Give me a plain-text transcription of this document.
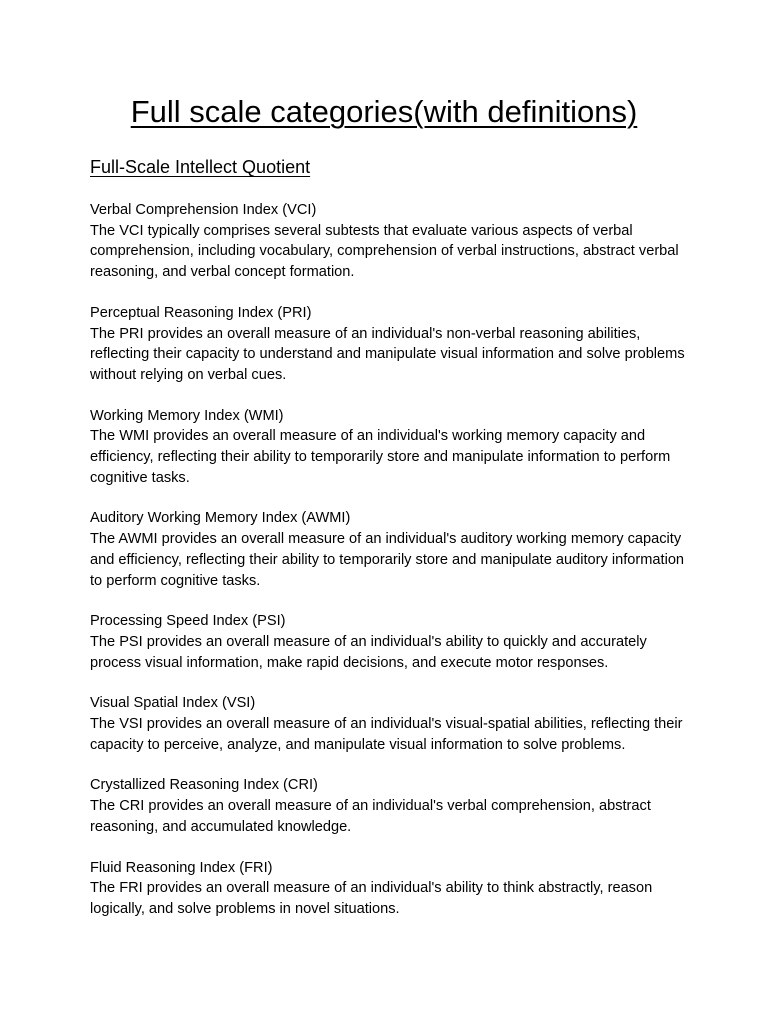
Full scale categories(with definitions)
Full-Scale Intellect Quotient
Verbal Comprehension Index (VCI)
The VCI typically comprises several subtests that evaluate various aspects of verbal comprehension, including vocabulary, comprehension of verbal instructions, abstract verbal reasoning, and verbal concept formation.
Perceptual Reasoning Index (PRI)
The PRI provides an overall measure of an individual's non-verbal reasoning abilities, reflecting their capacity to understand and manipulate visual information and solve problems without relying on verbal cues.
Working Memory Index (WMI)
The WMI provides an overall measure of an individual's working memory capacity and efficiency, reflecting their ability to temporarily store and manipulate information to perform cognitive tasks.
Auditory Working Memory Index (AWMI)
The AWMI provides an overall measure of an individual's auditory working memory capacity and efficiency, reflecting their ability to temporarily store and manipulate auditory information to perform cognitive tasks.
Processing Speed Index (PSI)
The PSI provides an overall measure of an individual's ability to quickly and accurately process visual information, make rapid decisions, and execute motor responses.
Visual Spatial Index (VSI)
The VSI provides an overall measure of an individual's visual-spatial abilities, reflecting their capacity to perceive, analyze, and manipulate visual information to solve problems.
Crystallized Reasoning Index (CRI)
The CRI provides an overall measure of an individual's verbal comprehension, abstract reasoning, and accumulated knowledge.
Fluid Reasoning Index (FRI)
The FRI provides an overall measure of an individual's ability to think abstractly, reason logically, and solve problems in novel situations.
